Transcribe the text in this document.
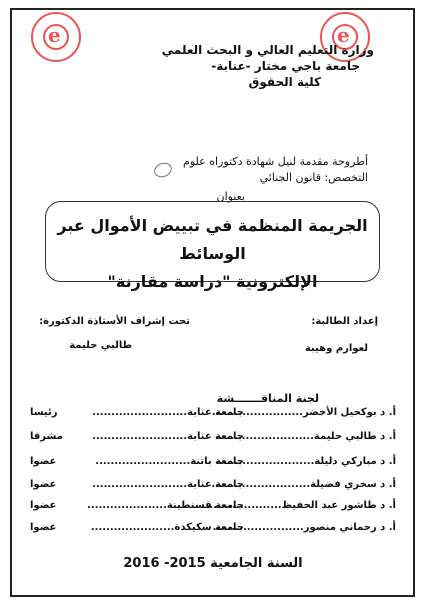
e	e
وزارة التعليم العالي و البحث العلمي
جامعة باجي مختار -عنابة-
كلية الحقوق
أطروحة مقدمة لنيل شهادة دكتوراه علوم
التخصص: قانون الجنائي
بعنوان
الجريمة المنظمة في تبييض الأموال عبر الوسائط
الإلكترونية "دراسة مقارنة"
إعداد الطالبة:
لعوارم وهيبة
تحت إشراف الأستاذة الدكتورة:
طالبي حليمة
لجنة المناقـــــــشة
أ. د بوكحيل الأخضر........................
جامعة عنابة.........................
رئيسا
أ. د طالبي حليمة..........................
جامعة عنابة.........................
مشرفا
أ. د مباركي دليلة..........................
جامعة باتنة.........................
عضوا
أ. د سحري فضيلة..........................
جامعة عنابة.........................
عضوا
أ. د طاشور عبد الحفيظ....................
جامعة قسنطينة.....................
عضوا
أ. د رحماني منصور........................
جامعة سكيكدة......................
عضوا
السنة الجامعية 2015- 2016
